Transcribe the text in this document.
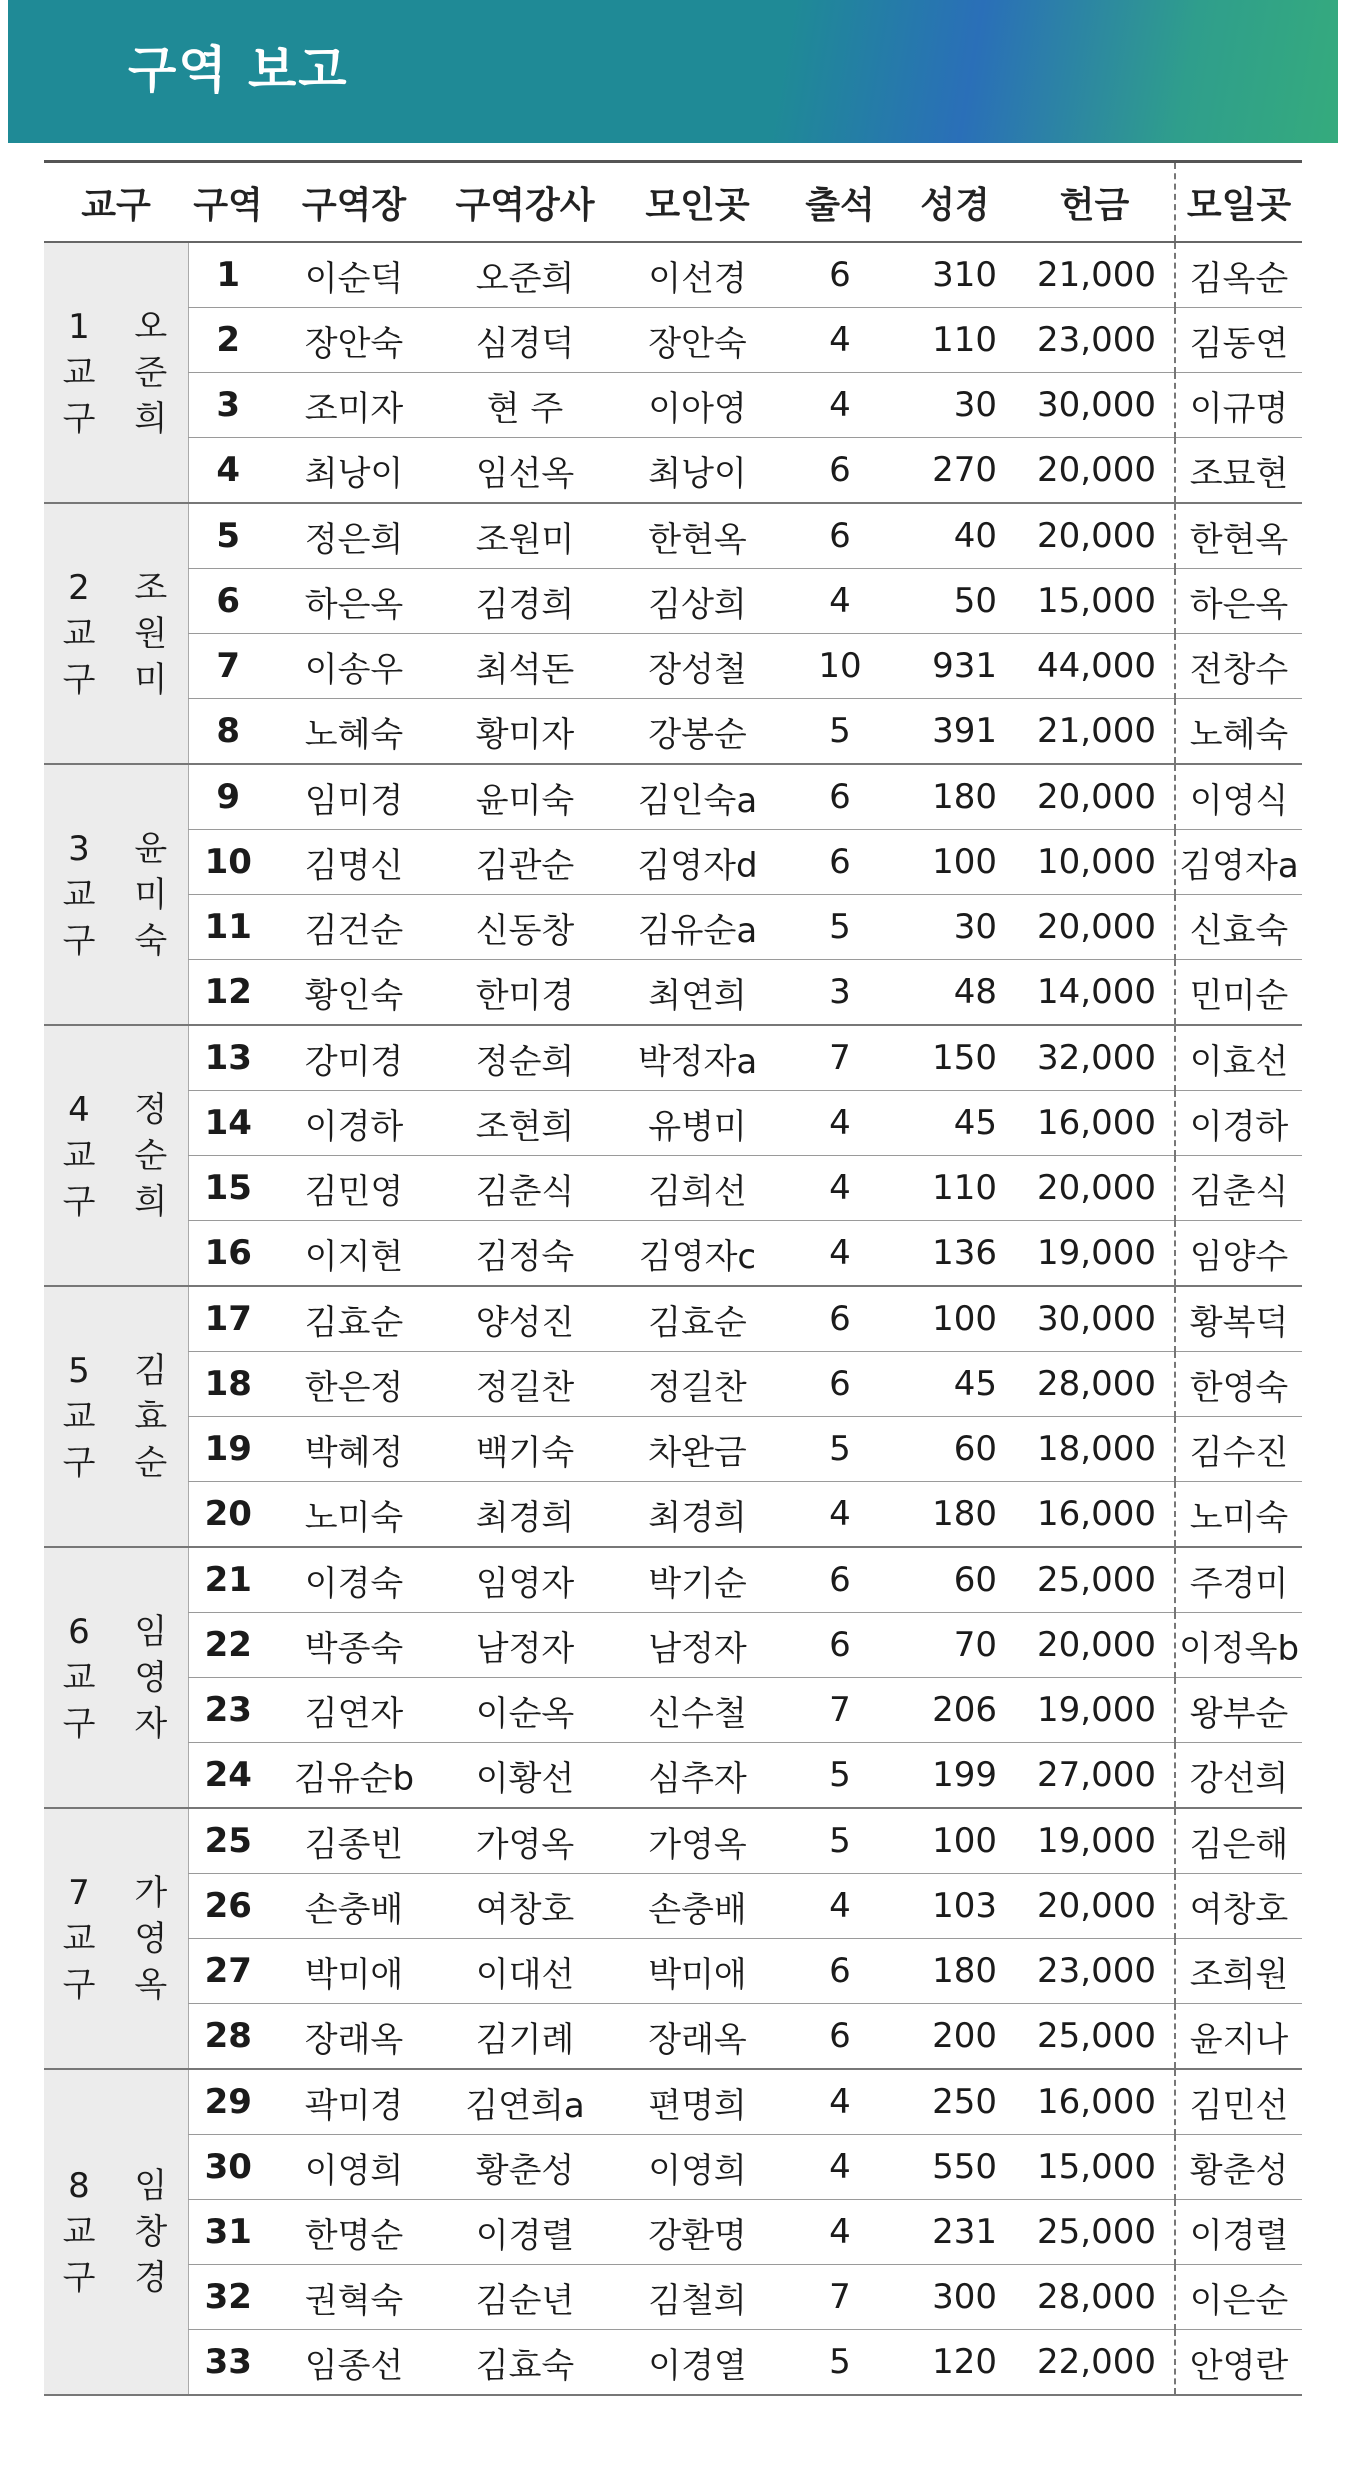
구역 보고
교구		구역	구역장	구역강사	모인곳	출석	성경	헌금	모일곳
1교구	오준희	1	이순덕	오준희	이선경	6	310	21,000	김옥순
		2	장안숙	심경덕	장안숙	4	110	23,000	김동연
		3	조미자	현 주	이아영	4	30	30,000	이규명
		4	최낭이	임선옥	최낭이	6	270	20,000	조묘현
2교구	조원미	5	정은희	조원미	한현옥	6	40	20,000	한현옥
		6	하은옥	김경희	김상희	4	50	15,000	하은옥
		7	이송우	최석돈	장성철	10	931	44,000	전창수
		8	노혜숙	황미자	강봉순	5	391	21,000	노혜숙
3교구	윤미숙	9	임미경	윤미숙	김인숙a	6	180	20,000	이영식
		10	김명신	김관순	김영자d	6	100	10,000	김영자a
		11	김건순	신동창	김유순a	5	30	20,000	신효숙
		12	황인숙	한미경	최연희	3	48	14,000	민미순
4교구	정순희	13	강미경	정순희	박정자a	7	150	32,000	이효선
		14	이경하	조현희	유병미	4	45	16,000	이경하
		15	김민영	김춘식	김희선	4	110	20,000	김춘식
		16	이지현	김정숙	김영자c	4	136	19,000	임양수
5교구	김효순	17	김효순	양성진	김효순	6	100	30,000	황복덕
		18	한은정	정길찬	정길찬	6	45	28,000	한영숙
		19	박혜정	백기숙	차완금	5	60	18,000	김수진
		20	노미숙	최경희	최경희	4	180	16,000	노미숙
6교구	임영자	21	이경숙	임영자	박기순	6	60	25,000	주경미
		22	박종숙	남정자	남정자	6	70	20,000	이정옥b
		23	김연자	이순옥	신수철	7	206	19,000	왕부순
		24	김유순b	이황선	심추자	5	199	27,000	강선희
7교구	가영옥	25	김종빈	가영옥	가영옥	5	100	19,000	김은해
		26	손충배	여창호	손충배	4	103	20,000	여창호
		27	박미애	이대선	박미애	6	180	23,000	조희원
		28	장래옥	김기례	장래옥	6	200	25,000	윤지나
8교구	임창경	29	곽미경	김연희a	편명희	4	250	16,000	김민선
		30	이영희	황춘성	이영희	4	550	15,000	황춘성
		31	한명순	이경렬	강환명	4	231	25,000	이경렬
		32	권혁숙	김순년	김철희	7	300	28,000	이은순
		33	임종선	김효숙	이경열	5	120	22,000	안영란
